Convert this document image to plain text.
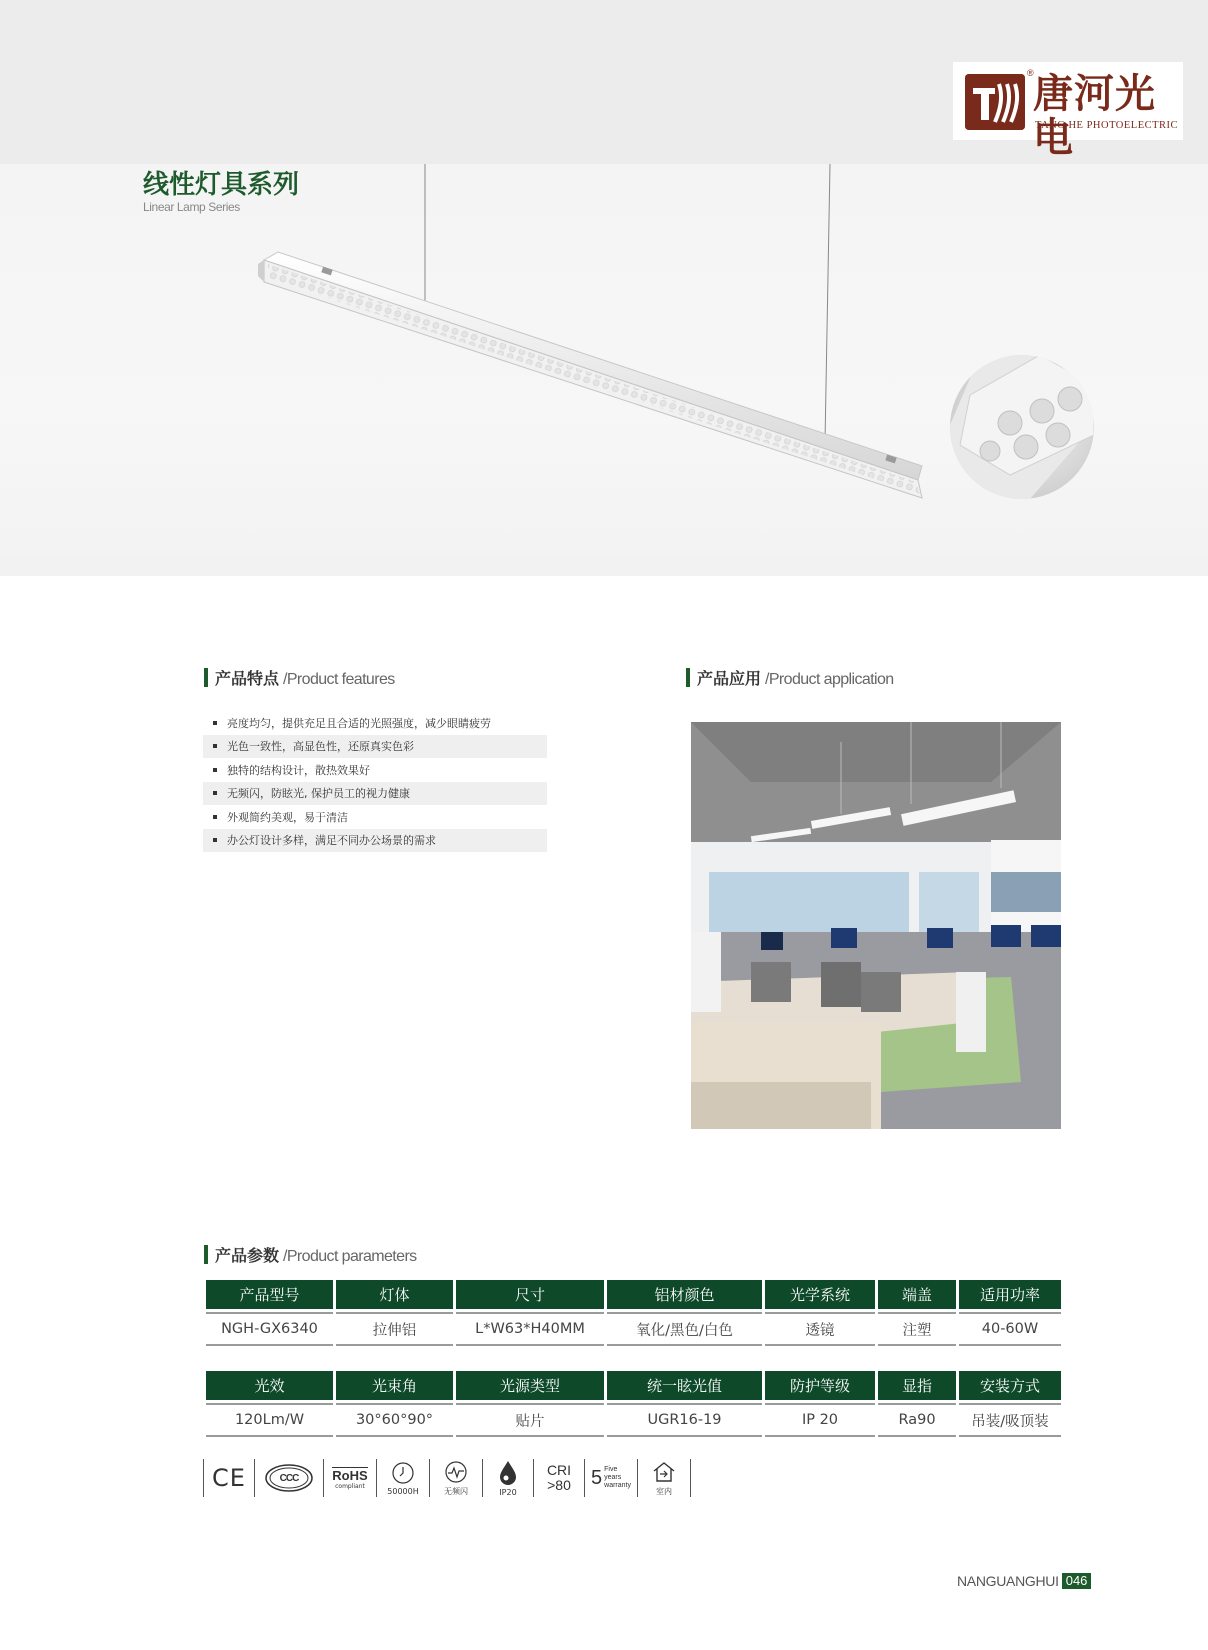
® 唐河光电
TANG HE PHOTOELECTRIC
线性灯具系列
Linear Lamp Series
产品特点 /Product features
亮度均匀，提供充足且合适的光照强度，减少眼睛疲劳
光色一致性，高显色性，还原真实色彩
独特的结构设计，散热效果好
无频闪，防眩光, 保护员工的视力健康
外观简约美观，易于清洁
办公灯设计多样，满足不同办公场景的需求
产品应用 /Product application
产品参数 /Product parameters
产品型号	灯体	尺寸	铝材颜色	光学系统	端盖	适用功率
NGH-GX6340	拉伸铝	L*W63*H40MM	氧化/黑色/白色	透镜	注塑	40-60W
光效	光束角	光源类型	统一眩光值	防护等级	显指	安装方式
120Lm/W	30°60°90°	贴片	UGR16-19	IP 20	Ra90	吊装/吸顶装
CE	CCC	RoHS
compliant
50000H	无频闪	IP20
CRI
>80 5 Five
years
warranty
室内
NANGUANGHUI 046
